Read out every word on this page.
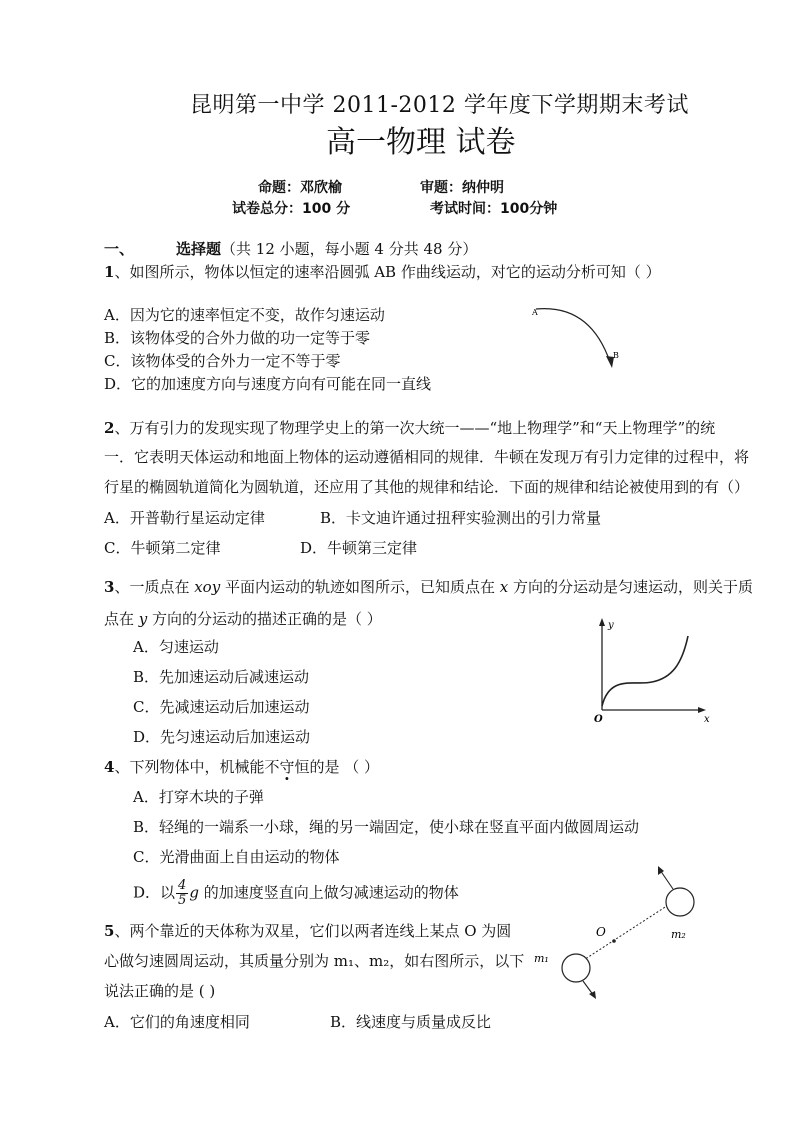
昆明第一中学 2011-2012 学年度下学期期末考试
高一物理 试卷
命题：邓欣榆	审题：纳仲明
试卷总分：100 分	考试时间：100分钟
一、	选择题（共 12 小题，每小题 4 分共 48 分）
1、如图所示，物体以恒定的速率沿圆弧 AB 作曲线运动，对它的运动分析可知（ ）
A．因为它的速率恒定不变，故作匀速运动
B．该物体受的合外力做的功一定等于零
C．该物体受的合外力一定不等于零
D．它的加速度方向与速度方向有可能在同一直线
A
B
2、万有引力的发现实现了物理学史上的第一次大统一——“地上物理学”和“天上物理学”的统
一．它表明天体运动和地面上物体的运动遵循相同的规律．牛顿在发现万有引力定律的过程中，将
行星的椭圆轨道简化为圆轨道，还应用了其他的规律和结论．下面的规律和结论被使用到的有（）
A．开普勒行星运动定律	B．卡文迪许通过扭秤实验测出的引力常量
C．牛顿第二定律	D．牛顿第三定律
3、一质点在 xoy 平面内运动的轨迹如图所示，已知质点在 x 方向的分运动是匀速运动，则关于质
点在 y 方向的分运动的描述正确的是（ ）
A．匀速运动
B．先加速运动后减速运动
C．先减速运动后加速运动
D．先匀速运动后加速运动
y
x
O
4、下列物体中，机械能不守恒的是 （ ）
A．打穿木块的子弹
B．轻绳的一端系一小球，绳的另一端固定，使小球在竖直平面内做圆周运动
C．光滑曲面上自由运动的物体
D．以 $\frac{4}{5}$ g 的加速度竖直向上做匀减速运动的物体
5、两个靠近的天体称为双星，它们以两者连线上某点 O 为圆
心做匀速圆周运动，其质量分别为 m₁、m₂，如右图所示，以下
说法正确的是 ( )
A．它们的角速度相同	B．线速度与质量成反比
O	m₂
m₁
